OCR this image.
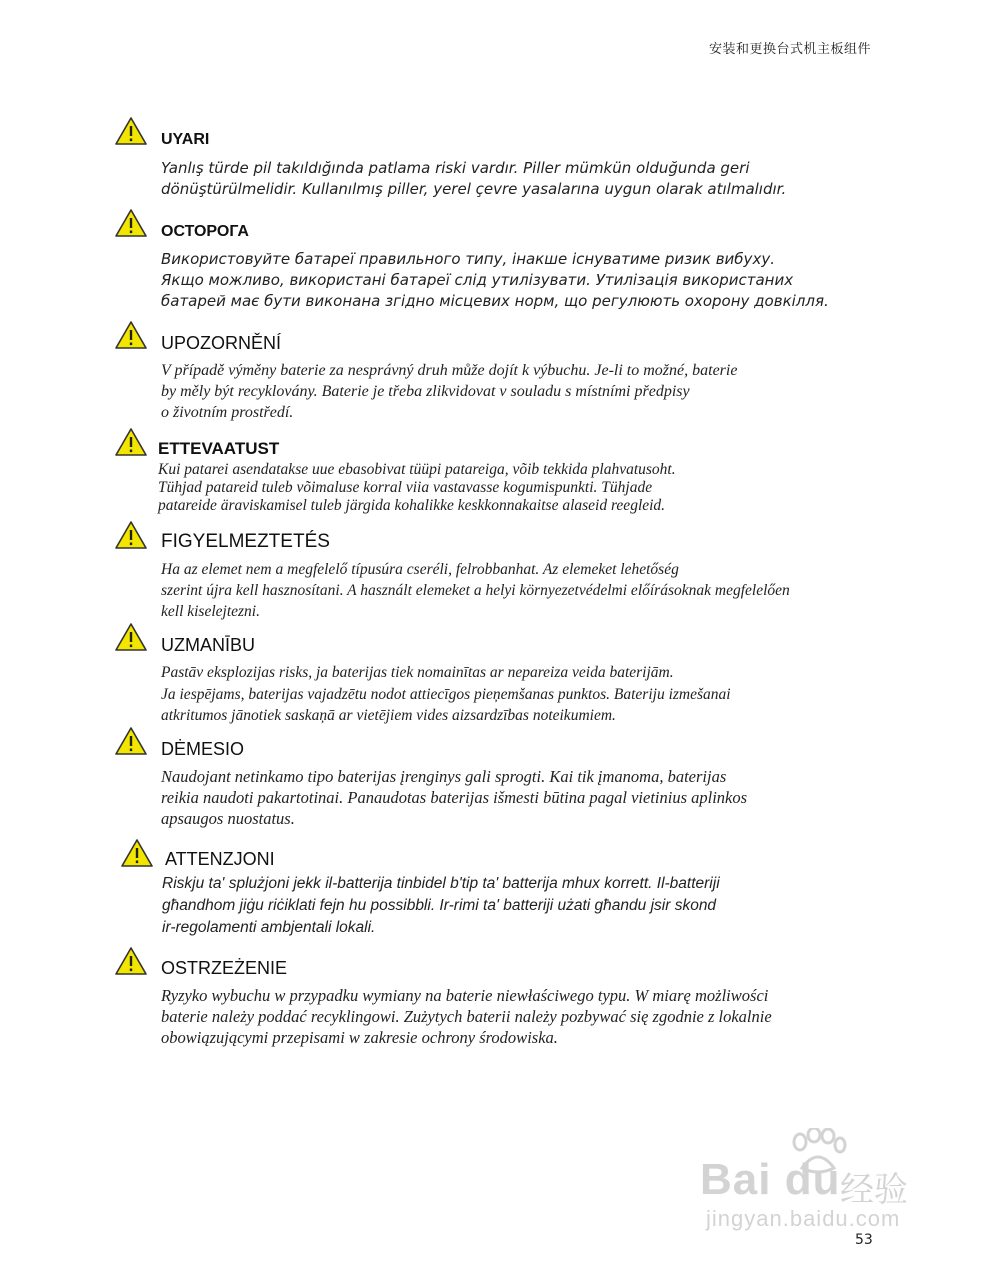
安装和更换台式机主板组件
UYARI
Yanlış türde pil takıldığında patlama riski vardır. Piller mümkün olduğunda geri
dönüştürülmelidir. Kullanılmış piller, yerel çevre yasalarına uygun olarak atılmalıdır.
ОСТОРОГА
Використовуйте батареї правильного типу, інакше існуватиме ризик вибуху.
Якщо можливо, використані батареї слід утилізувати. Утилізація використаних
батарей має бути виконана згідно місцевих норм, що регулюють охорону довкілля.
UPOZORNĚNÍ
V případě výměny baterie za nesprávný druh může dojít k výbuchu. Je-li to možné, baterie
by měly být recyklovány. Baterie je třeba zlikvidovat v souladu s místními předpisy
o životním prostředí.
ETTEVAATUST
Kui patarei asendatakse uue ebasobivat tüüpi patareiga, võib tekkida plahvatusoht.
Tühjad patareid tuleb võimaluse korral viia vastavasse kogumispunkti. Tühjade
patareide äraviskamisel tuleb järgida kohalikke keskkonnakaitse alaseid reegleid.
FIGYELMEZTETÉS
Ha az elemet nem a megfelelő típusúra cseréli, felrobbanhat. Az elemeket lehetőség
szerint újra kell hasznosítani. A használt elemeket a helyi környezetvédelmi előírásoknak megfelelően
kell kiselejtezni.
UZMANĪBU
Pastāv eksplozijas risks, ja baterijas tiek nomainītas ar nepareiza veida baterijām.
Ja iespējams, baterijas vajadzētu nodot attiecīgos pieņemšanas punktos. Bateriju izmešanai
atkritumos jānotiek saskaņā ar vietējiem vides aizsardzības noteikumiem.
DĖMESIO
Naudojant netinkamo tipo baterijas įrenginys gali sprogti. Kai tik įmanoma, baterijas
reikia naudoti pakartotinai. Panaudotas baterijas išmesti būtina pagal vietinius aplinkos
apsaugos nuostatus.
ATTENZJONI
Riskju ta' splużjoni jekk il-batterija tinbidel b'tip ta' batterija mhux korrett. Il-batteriji
għandhom jiġu riċiklati fejn hu possibbli. Ir-rimi ta' batteriji użati għandu jsir skond
ir-regolamenti ambjentali lokali.
OSTRZEŻENIE
Ryzyko wybuchu w przypadku wymiany na baterie niewłaściwego typu. W miarę możliwości
baterie należy poddać recyklingowi. Zużytych baterii należy pozbywać się zgodnie z lokalnie
obowiązującymi przepisami w zakresie ochrony środowiska.
Bai du 经验
jingyan.baidu.com
53
